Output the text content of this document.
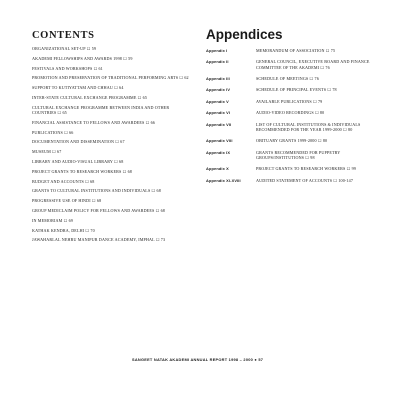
CONTENTS
ORGANIZATIONAL SET-UP ☐ 59
AKADEMI FELLOWSHIPS AND AWARDS 1998 ☐ 59
FESTIVALS AND WORKSHOPS ☐ 61
PROMOTION AND PRESERVATION OF TRADITIONAL PERFORMING ARTS ☐ 62
SUPPORT TO KUTIYATTAM AND CHHAU ☐ 64
INTER-STATE CULTURAL EXCHANGE PROGRAMME ☐ 65
CULTURAL EXCHANGE PROGRAMME BETWEEN INDIA AND OTHER COUNTRIES ☐ 65
FINANCIAL ASSISTANCE TO FELLOWS AND AWARDEES ☐ 66
PUBLICATIONS ☐ 66
DOCUMENTATION AND DISSEMINATION ☐ 67
MUSEUM ☐ 67
LIBRARY AND AUDIO-VISUAL LIBRARY ☐ 68
PROJECT GRANTS TO RESEARCH WORKERS ☐ 68
BUDGET AND ACCOUNTS ☐ 68
GRANTS TO CULTURAL INSTITUTIONS AND INDIVIDUALS ☐ 68
PROGRESSIVE USE OF HINDI ☐ 68
GROUP MEDICLAIM POLICY FOR FELLOWS AND AWARDEES ☐ 68
IN MEMORIAM ☐ 69
KATHAK KENDRA, DELHI ☐ 70
JAWAHARLAL NEHRU MANIPUR DANCE ACADEMY, IMPHAL ☐ 73
Appendices
Appendix I	MEMORANDUM OF ASSOCIATION ☐ 75
Appendix II	GENERAL COUNCIL, EXECUTIVE BOARD AND FINANCE COMMITTEE OF THE AKADEMI ☐ 76
Appendix III	SCHEDULE OF MEETINGS ☐ 76
Appendix IV	SCHEDULE OF PRINCIPAL EVENTS ☐ 78
Appendix V	AVAILABLE PUBLICATIONS ☐ 79
Appendix VI	AUDIO-VIDEO RECORDINGS ☐ 80
Appendix VII	LIST OF CULTURAL INSTITUTIONS & INDIVIDUALS RECOMMENDED FOR THE YEAR 1999-2000 ☐ 80
Appendix VIII	OBITUARY GRANTS 1999-2000 ☐ 80
Appendix IX	GRANTS RECOMMENDED FOR PUPPETRY GROUPS/INSTITUTIONS ☐ 98
Appendix X	PROJECT GRANTS TO RESEARCH WORKERS ☐ 99
Appendix XI-XVIII	AUDITED STATEMENT OF ACCOUNTS ☐ 100-147
SANGEET NATAK AKADEMI ANNUAL REPORT 1998 – 2000 ● 57
